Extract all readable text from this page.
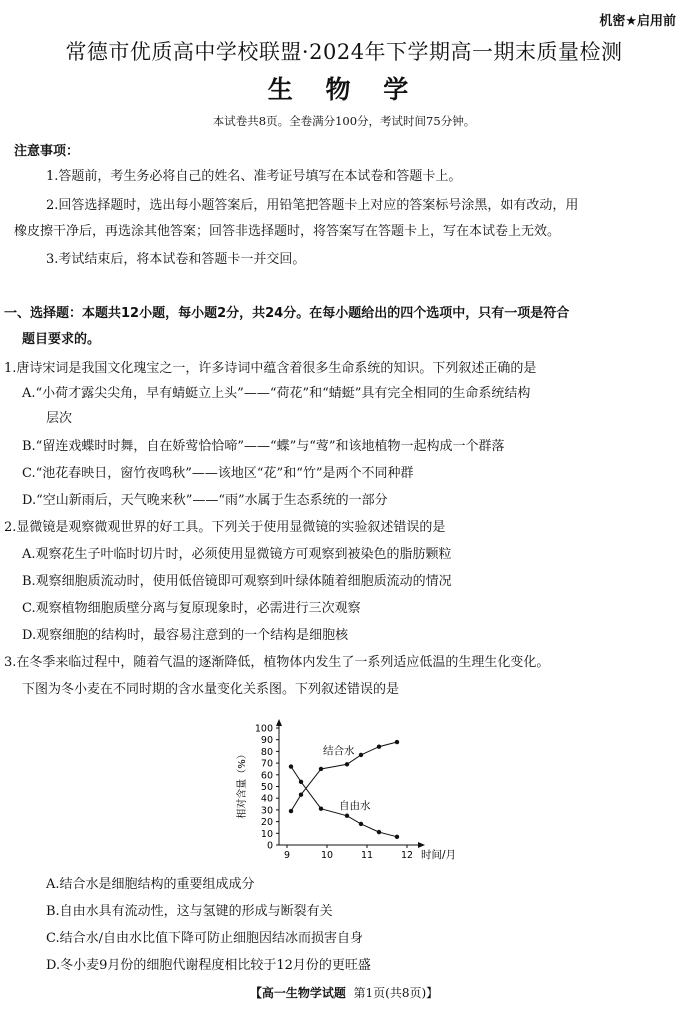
机密★启用前
常德市优质高中学校联盟·2024年下学期高一期末质量检测
生 物 学
本试卷共8页。全卷满分100分，考试时间75分钟。
注意事项：
1.答题前，考生务必将自己的姓名、准考证号填写在本试卷和答题卡上。
2.回答选择题时，选出每小题答案后，用铅笔把答题卡上对应的答案标号涂黑，如有改动，用
橡皮擦干净后，再选涂其他答案；回答非选择题时，将答案写在答题卡上，写在本试卷上无效。
3.考试结束后，将本试卷和答题卡一并交回。
一、选择题：本题共12小题，每小题2分，共24分。在每小题给出的四个选项中，只有一项是符合
题目要求的。
1.唐诗宋词是我国文化瑰宝之一，许多诗词中蕴含着很多生命系统的知识。下列叙述正确的是
A.“小荷才露尖尖角，早有蜻蜓立上头”——“荷花”和“蜻蜓”具有完全相同的生命系统结构
层次
B.“留连戏蝶时时舞，自在娇莺恰恰啼”——“蝶”与“莺”和该地植物一起构成一个群落
C.“池花春映日，窗竹夜鸣秋”——该地区“花”和“竹”是两个不同种群
D.“空山新雨后，天气晚来秋”——“雨”水属于生态系统的一部分
2.显微镜是观察微观世界的好工具。下列关于使用显微镜的实验叙述错误的是
A.观察花生子叶临时切片时，必须使用显微镜方可观察到被染色的脂肪颗粒
B.观察细胞质流动时，使用低倍镜即可观察到叶绿体随着细胞质流动的情况
C.观察植物细胞质壁分离与复原现象时，必需进行三次观察
D.观察细胞的结构时，最容易注意到的一个结构是细胞核
3.在冬季来临过程中，随着气温的逐渐降低，植物体内发生了一系列适应低温的生理生化变化。
下图为冬小麦在不同时期的含水量变化关系图。下列叙述错误的是
0
10
20
30
40
50
60
70
80
90
100
9	10	11	12 时间/月
相对含量（%）	结合水
自由水
A.结合水是细胞结构的重要组成成分
B.自由水具有流动性，这与氢键的形成与断裂有关
C.结合水/自由水比值下降可防止细胞因结冰而损害自身
D.冬小麦9月份的细胞代谢程度相比较于12月份的更旺盛
【高一生物学试题 第1页(共8页)】
